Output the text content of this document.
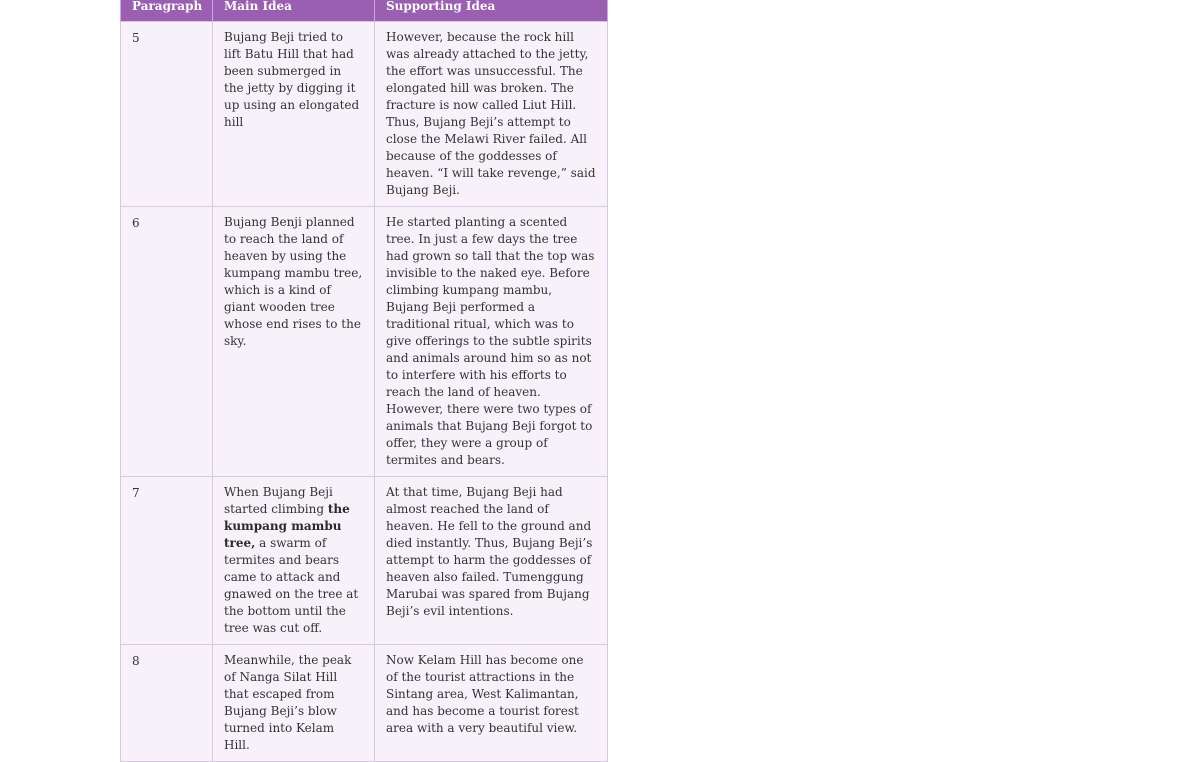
Paragraph	Main Idea	Supporting Idea
5	Bujang Beji tried to lift Batu Hill that had been submerged in the jetty by digging it up using an elongated hill	However, because the rock hill was already attached to the jetty, the effort was unsuccessful. The elongated hill was broken. The fracture is now called Liut Hill. Thus, Bujang Beji’s attempt to close the Melawi River failed. All because of the goddesses of heaven. “I will take revenge,” said Bujang Beji.
6	Bujang Benji planned to reach the land of heaven by using the kumpang mambu tree, which is a kind of giant wooden tree whose end rises to the sky.	He started planting a scented tree. In just a few days the tree had grown so tall that the top was invisible to the naked eye. Before climbing kumpang mambu, Bujang Beji performed a traditional ritual, which was to give offerings to the subtle spirits and animals around him so as not to interfere with his efforts to reach the land of heaven. However, there were two types of animals that Bujang Beji forgot to offer, they were a group of termites and bears.
7	When Bujang Beji started climbing the kumpang mambu tree, a swarm of termites and bears came to attack and gnawed on the tree at the bottom until the tree was cut off.	At that time, Bujang Beji had almost reached the land of heaven. He fell to the ground and died instantly. Thus, Bujang Beji’s attempt to harm the goddesses of heaven also failed. Tumenggung Marubai was spared from Bujang Beji’s evil intentions.
8	Meanwhile, the peak of Nanga Silat Hill that escaped from Bujang Beji’s blow turned into Kelam Hill.	Now Kelam Hill has become one of the tourist attractions in the Sintang area, West Kalimantan, and has become a tourist forest area with a very beautiful view.
